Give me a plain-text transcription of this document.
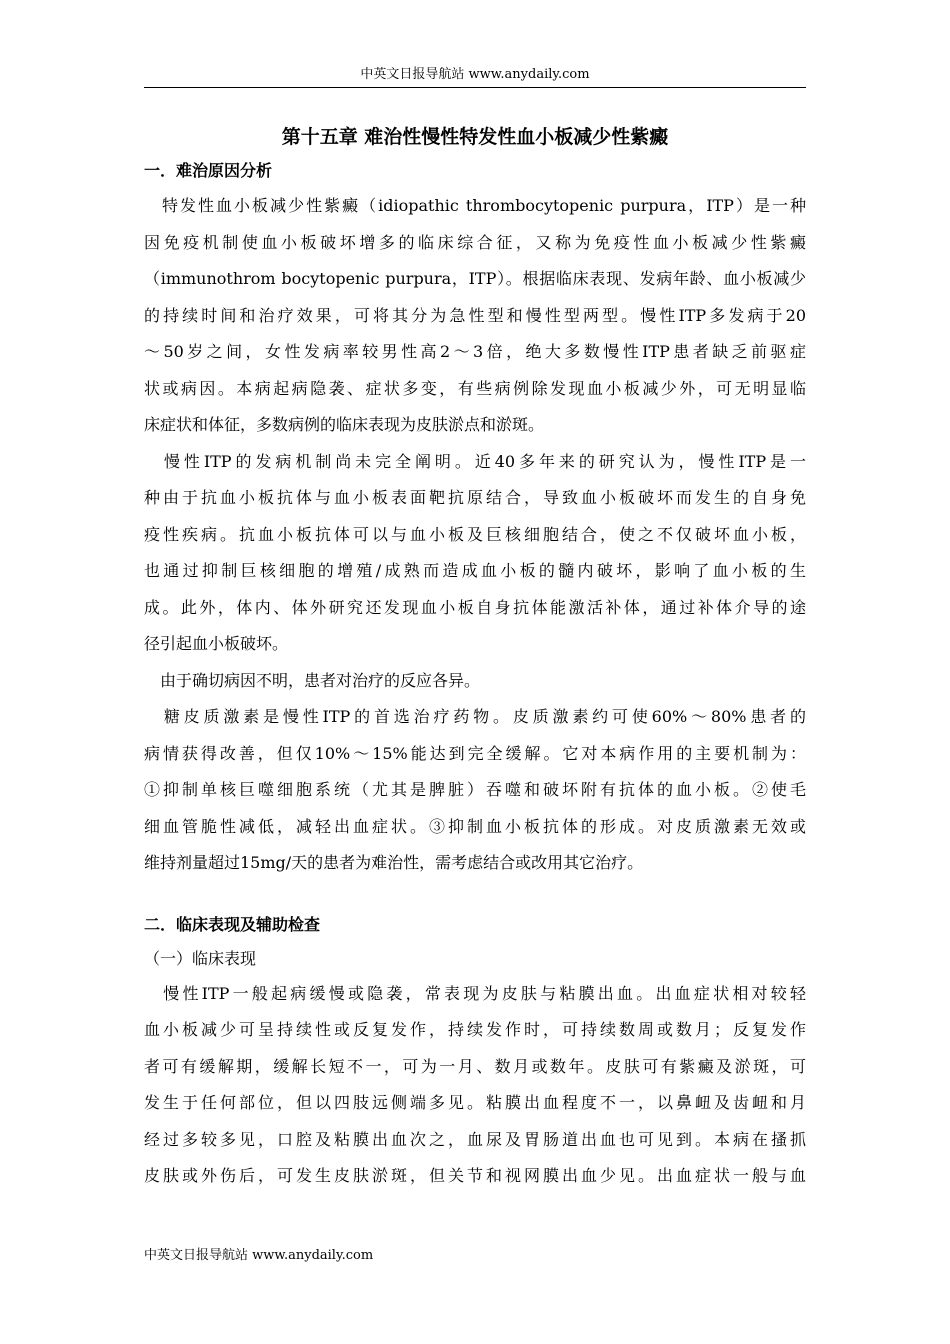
中英文日报导航站 www.anydaily.com
第十五章 难治性慢性特发性血小板减少性紫癜
一．难治原因分析
　特发性血小板减少性紫癜（idiopathic thrombocytopenic purpura，ITP）是一种
因免疫机制使血小板破坏增多的临床综合征，又称为免疫性血小板减少性紫癜
（immunothrom bocytopenic purpura，ITP）。根据临床表现、发病年龄、血小板减少
的持续时间和治疗效果，可将其分为急性型和慢性型两型。慢性ITP多发病于20
～50岁之间，女性发病率较男性高2～3倍，绝大多数慢性ITP患者缺乏前驱症
状或病因。本病起病隐袭、症状多变，有些病例除发现血小板减少外，可无明显临
床症状和体征，多数病例的临床表现为皮肤淤点和淤斑。
　慢性ITP的发病机制尚未完全阐明。近40多年来的研究认为，慢性ITP是一
种由于抗血小板抗体与血小板表面靶抗原结合，导致血小板破坏而发生的自身免
疫性疾病。抗血小板抗体可以与血小板及巨核细胞结合，使之不仅破坏血小板，
也通过抑制巨核细胞的增殖/成熟而造成血小板的髓内破坏，影响了血小板的生
成。此外，体内、体外研究还发现血小板自身抗体能激活补体，通过补体介导的途
径引起血小板破坏。
　由于确切病因不明，患者对治疗的反应各异。
　糖皮质激素是慢性ITP的首选治疗药物。皮质激素约可使60%～80%患者的
病情获得改善，但仅10%～15%能达到完全缓解。它对本病作用的主要机制为：
①抑制单核巨噬细胞系统（尤其是脾脏）吞噬和破坏附有抗体的血小板。②使毛
细血管脆性减低，减轻出血症状。③抑制血小板抗体的形成。对皮质激素无效或
维持剂量超过15mg/天的患者为难治性，需考虑结合或改用其它治疗。
二．临床表现及辅助检查
（一）临床表现
　慢性ITP一般起病缓慢或隐袭，常表现为皮肤与粘膜出血。出血症状相对较轻
血小板减少可呈持续性或反复发作，持续发作时，可持续数周或数月；反复发作
者可有缓解期，缓解长短不一，可为一月、数月或数年。皮肤可有紫癜及淤斑，可
发生于任何部位，但以四肢远侧端多见。粘膜出血程度不一，以鼻衄及齿衄和月
经过多较多见，口腔及粘膜出血次之，血尿及胃肠道出血也可见到。本病在搔抓
皮肤或外伤后，可发生皮肤淤斑，但关节和视网膜出血少见。出血症状一般与血
中英文日报导航站 www.anydaily.com
